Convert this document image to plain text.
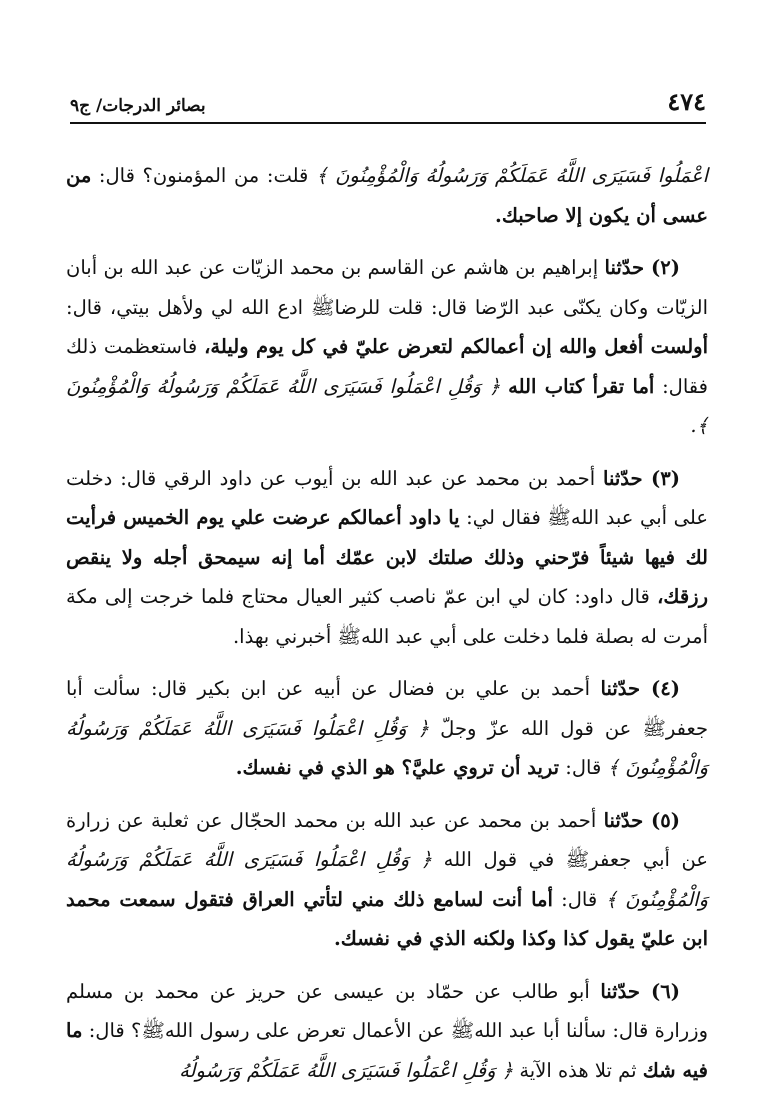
٤٧٤
بصائر الدرجات/ ج٩

اعْمَلُوا فَسَيَرَى اللَّهُ عَمَلَكُمْ وَرَسُولُهُ وَالْمُؤْمِنُونَ ﴾ قلت: من المؤمنون؟ قال: من عسى أن يكون إلا صاحبك.

(٢) حدّثنا إبراهيم بن هاشم عن القاسم بن محمد الزيّات عن عبد الله بن أبان الزيّات وكان يكنّى عبد الرّضا قال: قلت للرضاﷺ ادع الله لي ولأهل بيتي، قال: أولست أفعل والله إن أعمالكم لتعرض عليّ في كل يوم وليلة، فاستعظمت ذلك فقال: أما تقرأ كتاب الله ﴿ وَقُلِ اعْمَلُوا فَسَيَرَى اللَّهُ عَمَلَكُمْ وَرَسُولُهُ وَالْمُؤْمِنُونَ ﴾.

(٣) حدّثنا أحمد بن محمد عن عبد الله بن أيوب عن داود الرقي قال: دخلت على أبي عبد اللهﷺ فقال لي: يا داود أعمالكم عرضت علي يوم الخميس فرأيت لك فيها شيئاً فرّحني وذلك صلتك لابن عمّك أما إنه سيمحق أجله ولا ينقص رزقك، قال داود: كان لي ابن عمّ ناصب كثير العيال محتاج فلما خرجت إلى مكة أمرت له بصلة فلما دخلت على أبي عبد اللهﷺ أخبرني بهذا.

(٤) حدّثنا أحمد بن علي بن فضال عن أبيه عن ابن بكير قال: سألت أبا جعفرﷺ عن قول الله عزّ وجلّ ﴿ وَقُلِ اعْمَلُوا فَسَيَرَى اللَّهُ عَمَلَكُمْ وَرَسُولُهُ وَالْمُؤْمِنُونَ ﴾ قال: تريد أن تروي عليَّ؟ هو الذي في نفسك.

(٥) حدّثنا أحمد بن محمد عن عبد الله بن محمد الحجّال عن ثعلبة عن زرارة عن أبي جعفرﷺ في قول الله ﴿ وَقُلِ اعْمَلُوا فَسَيَرَى اللَّهُ عَمَلَكُمْ وَرَسُولُهُ وَالْمُؤْمِنُونَ ﴾ قال: أما أنت لسامع ذلك مني لتأتي العراق فتقول سمعت محمد ابن عليّ يقول كذا وكذا ولكنه الذي في نفسك.

(٦) حدّثنا أبو طالب عن حمّاد بن عيسى عن حريز عن محمد بن مسلم وزرارة قال: سألنا أبا عبد اللهﷺ عن الأعمال تعرض على رسول اللهﷺ؟ قال: ما فيه شك ثم تلا هذه الآية ﴿ وَقُلِ اعْمَلُوا فَسَيَرَى اللَّهُ عَمَلَكُمْ وَرَسُولُهُ
